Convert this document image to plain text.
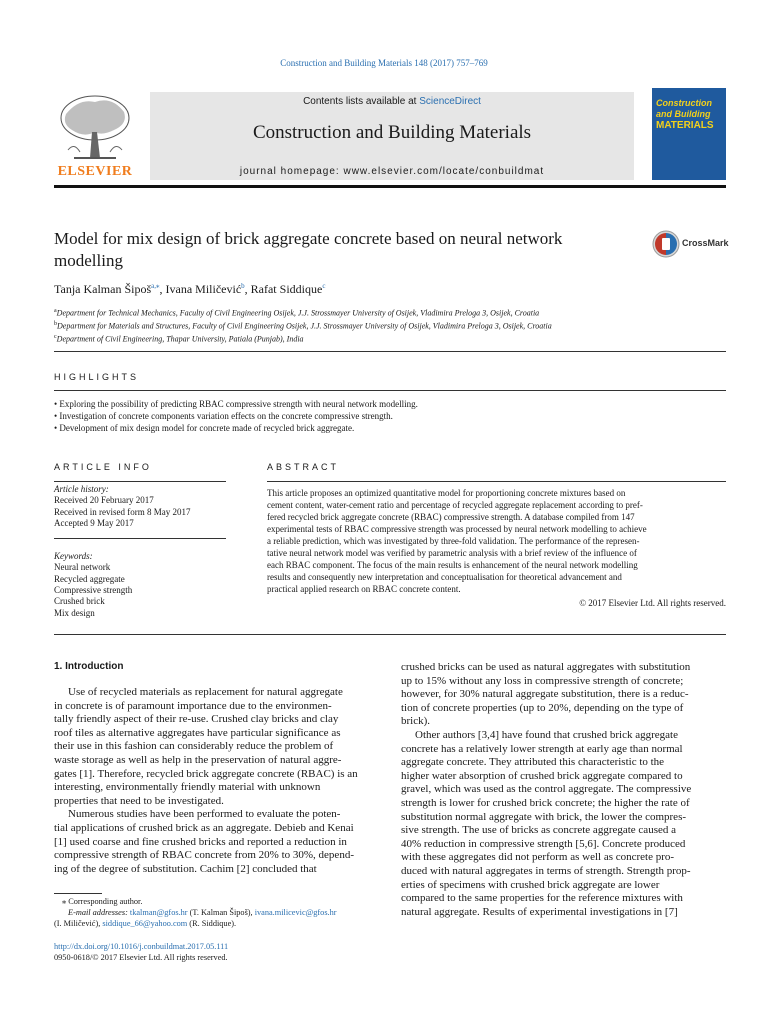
Construction and Building Materials 148 (2017) 757–769
ELSEVIER
Contents lists available at ScienceDirect
Construction and Building Materials
journal homepage: www.elsevier.com/locate/conbuildmat
Construction
and Building
MATERIALS
Model for mix design of brick aggregate concrete based on neural network modelling
CrossMark
Tanja Kalman Šipoš$^{a,⁎}$, Ivana Miličević$^b$, Rafat Siddique$^c$
$^a$Department for Technical Mechanics, Faculty of Civil Engineering Osijek, J.J. Strossmayer University of Osijek, Vladimira Preloga 3, Osijek, Croatia
$^b$Department for Materials and Structures, Faculty of Civil Engineering Osijek, J.J. Strossmayer University of Osijek, Vladimira Preloga 3, Osijek, Croatia
$^c$Department of Civil Engineering, Thapar University, Patiala (Punjab), India
HIGHLIGHTS
• Exploring the possibility of predicting RBAC compressive strength with neural network modelling.
• Investigation of concrete components variation effects on the concrete compressive strength.
• Development of mix design model for concrete made of recycled brick aggregate.
ARTICLE INFO	ABSTRACT
Article history:
Received 20 February 2017
Received in revised form 8 May 2017
Accepted 9 May 2017
Keywords:
Neural network
Recycled aggregate
Compressive strength
Crushed brick
Mix design
This article proposes an optimized quantitative model for proportioning concrete mixtures based on
cement content, water-cement ratio and percentage of recycled aggregate replacement according to pref-
fered recycled brick aggregate concrete (RBAC) compressive strength. A database compiled from 147
experimental tests of RBAC compressive strength was processed by neural network modelling to achieve
a reliable prediction, which was investigated by three-fold validation. The performance of the represen-
tative neural network model was verified by parametric analysis with a brief review of the influence of
each RBAC component. The focus of the main results is enhancement of the neural network modelling
results and consequently new interpretation and conceptualisation for theoretical advancement and
practical applied research on RBAC concrete content.
© 2017 Elsevier Ltd. All rights reserved.
1. Introduction
Use of recycled materials as replacement for natural aggregate
in concrete is of paramount importance due to the environmen-
tally friendly aspect of their re-use. Crushed clay bricks and clay
roof tiles as alternative aggregates have particular significance as
their use in this fashion can considerably reduce the problem of
waste storage as well as help in the preservation of natural aggre-
gates [1]. Therefore, recycled brick aggregate concrete (RBAC) is an
interesting, environmentally friendly material with unknown
properties that need to be investigated.
Numerous studies have been performed to evaluate the poten-
tial applications of crushed brick as an aggregate. Debieb and Kenai
[1] used coarse and fine crushed bricks and reported a reduction in
compressive strength of RBAC concrete from 20% to 30%, depend-
ing of the degree of substitution. Cachim [2] concluded that
crushed bricks can be used as natural aggregates with substitution
up to 15% without any loss in compressive strength of concrete;
however, for 30% natural aggregate substitution, there is a reduc-
tion of concrete properties (up to 20%, depending on the type of
brick).
Other authors [3,4] have found that crushed brick aggregate
concrete has a relatively lower strength at early age than normal
aggregate concrete. They attributed this characteristic to the
higher water absorption of crushed brick aggregate compared to
gravel, which was used as the control aggregate. The compressive
strength is lower for crushed brick concrete; the higher the rate of
substitution normal aggregate with brick, the lower the compres-
sive strength. The use of bricks as concrete aggregate caused a
40% reduction in compressive strength [5,6]. Concrete produced
with these aggregates did not perform as well as concrete pro-
duced with natural aggregates in terms of strength. Strength prop-
erties of specimens with crushed brick aggregate are lower
compared to the same properties for the reference mixtures with
natural aggregate. Results of experimental investigations in [7]
⁎ Corresponding author.
E-mail addresses: tkalman@gfos.hr (T. Kalman Šipoš), ivana.milicevic@gfos.hr
(I. Miličević), siddique_66@yahoo.com (R. Siddique).
http://dx.doi.org/10.1016/j.conbuildmat.2017.05.111
0950-0618/© 2017 Elsevier Ltd. All rights reserved.
